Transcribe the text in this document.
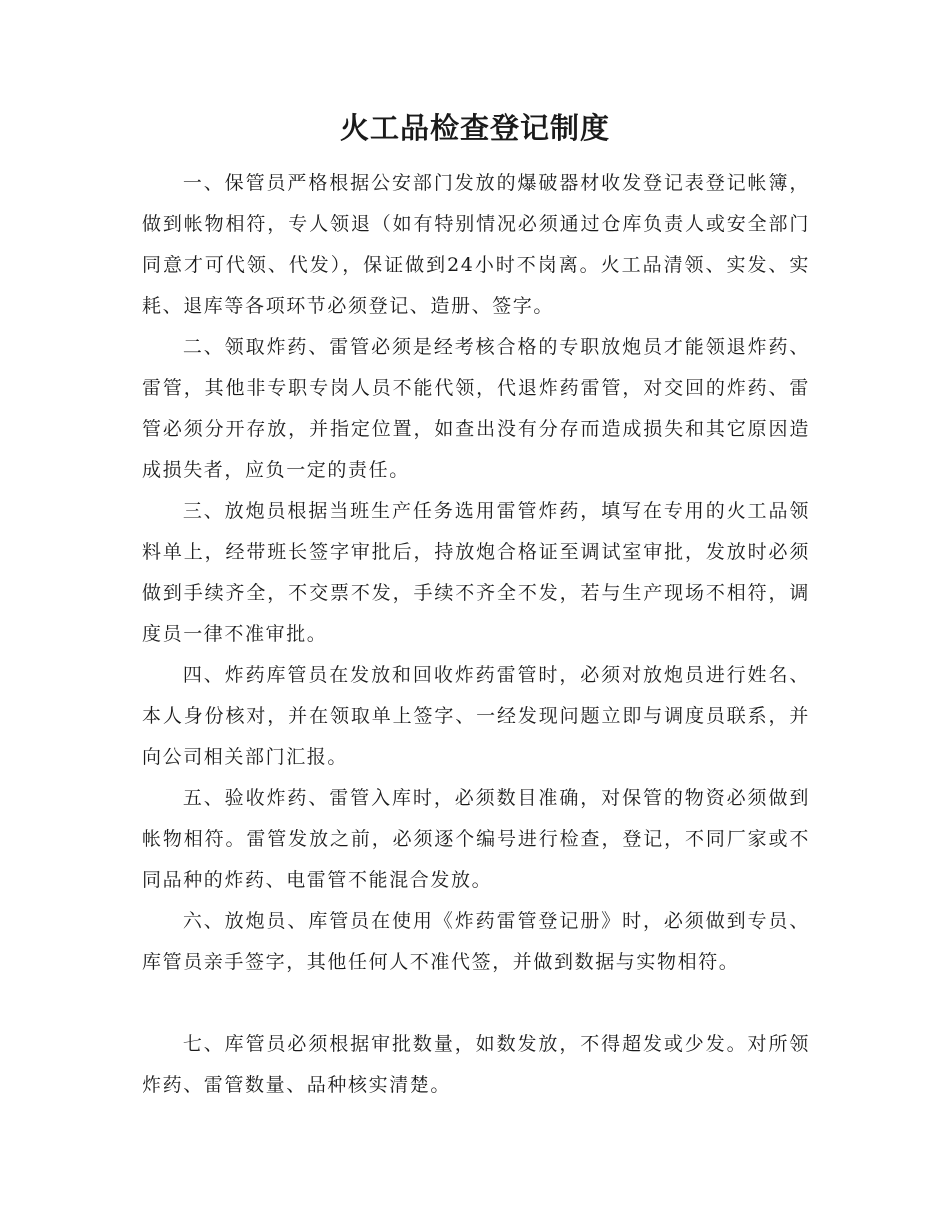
火工品检查登记制度

一、保管员严格根据公安部门发放的爆破器材收发登记表登记帐簿，做到帐物相符，专人领退（如有特别情况必须通过仓库负责人或安全部门同意才可代领、代发），保证做到24小时不岗离。火工品清领、实发、实耗、退库等各项环节必须登记、造册、签字。

二、领取炸药、雷管必须是经考核合格的专职放炮员才能领退炸药、雷管，其他非专职专岗人员不能代领，代退炸药雷管，对交回的炸药、雷管必须分开存放，并指定位置，如查出没有分存而造成损失和其它原因造成损失者，应负一定的责任。

三、放炮员根据当班生产任务选用雷管炸药，填写在专用的火工品领料单上，经带班长签字审批后，持放炮合格证至调试室审批，发放时必须做到手续齐全，不交票不发，手续不齐全不发，若与生产现场不相符，调度员一律不准审批。

四、炸药库管员在发放和回收炸药雷管时，必须对放炮员进行姓名、本人身份核对，并在领取单上签字、一经发现问题立即与调度员联系，并向公司相关部门汇报。

五、验收炸药、雷管入库时，必须数目准确，对保管的物资必须做到帐物相符。雷管发放之前，必须逐个编号进行检查，登记，不同厂家或不同品种的炸药、电雷管不能混合发放。

六、放炮员、库管员在使用《炸药雷管登记册》时，必须做到专员、库管员亲手签字，其他任何人不准代签，并做到数据与实物相符。

七、库管员必须根据审批数量，如数发放，不得超发或少发。对所领炸药、雷管数量、品种核实清楚。
